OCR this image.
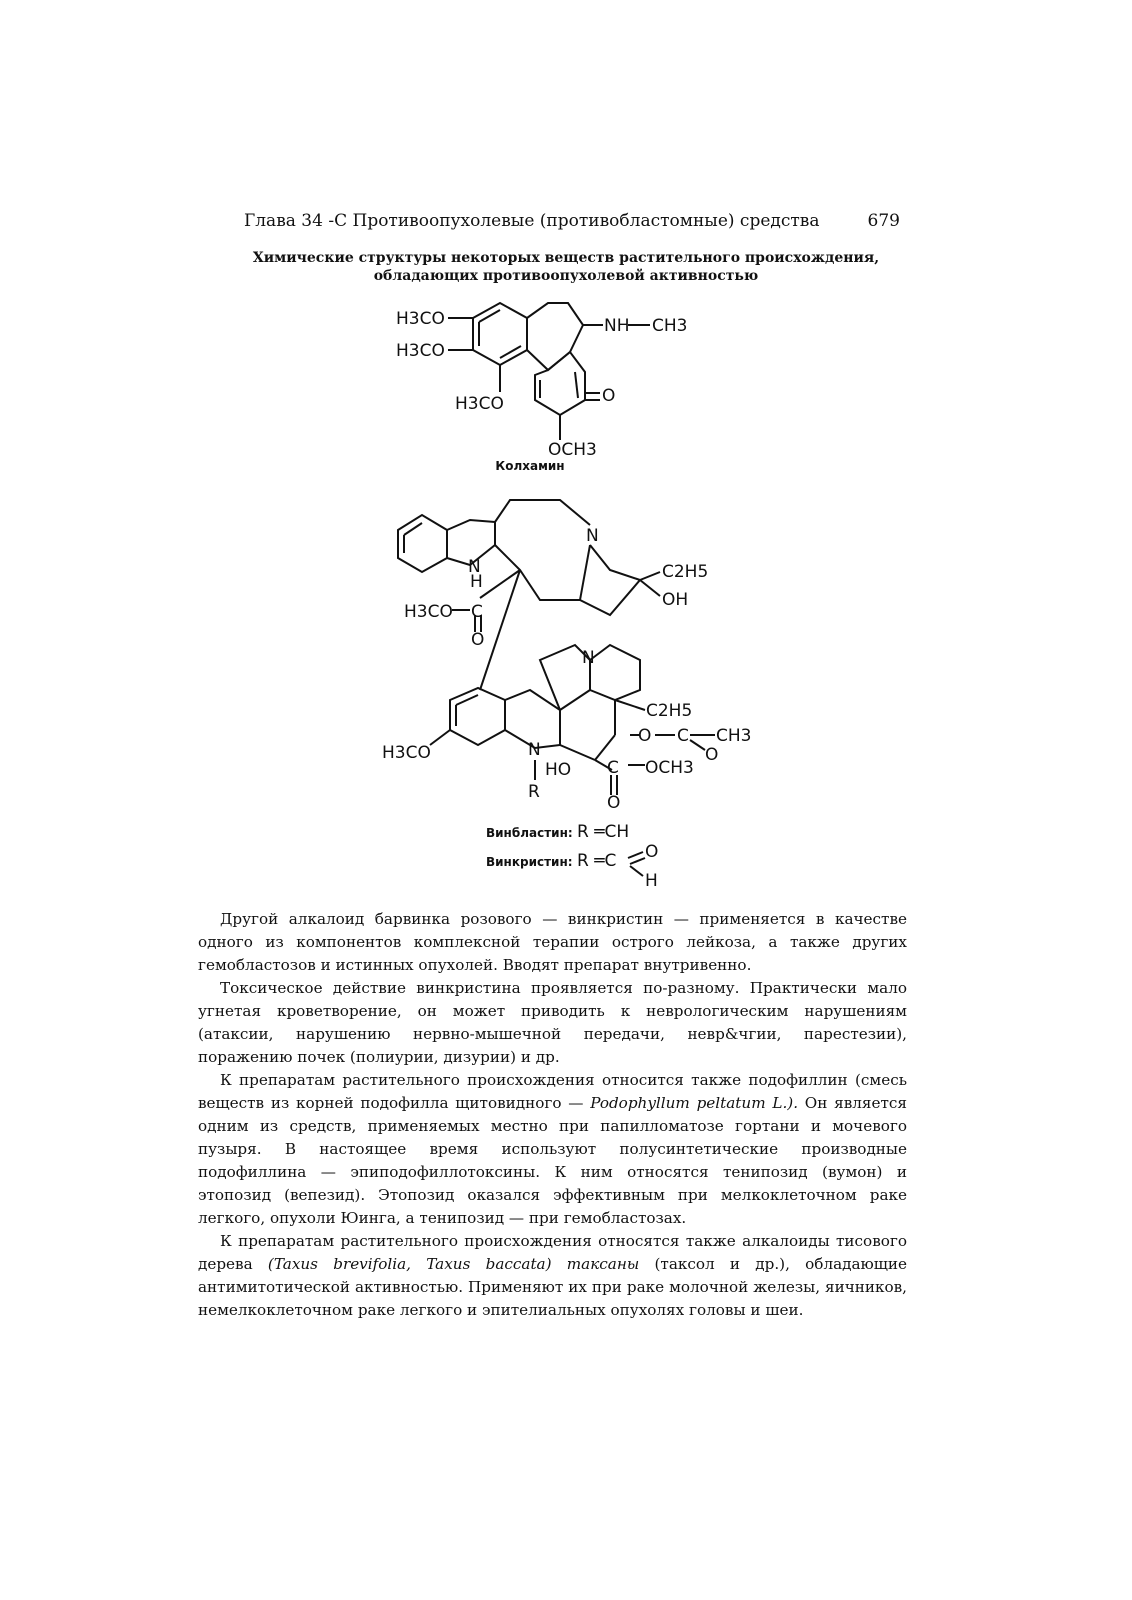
Глава 34 -С Противоопухолевые (противобластомные) средства	679
Химические структуры некоторых веществ растительного происхождения,
обладающих противоопухолевой активностью
H3CO
H3CO
H3CO
NH CH3
O
OCH3
Колхамин
N
N
H	C2H5
OH
H3CO C
O
N
C2H5
O C CH3
O
H3CO	N
HO C OCH3
O
R
Винбластин: R ═CH
Винкристин: R ═C O
H

Другой алкалоид барвинка розового — винкристин — применяется в качестве одного из компонентов комплексной терапии острого лейкоза, а также других гемобластозов и истинных опухолей. Вводят препарат внутривенно.

Токсическое действие винкристина проявляется по-разному. Практически мало угнетая кроветворение, он может приводить к неврологическим нарушениям (атаксии, нарушению нервно-мышечной передачи, невр&чгии, парестезии), поражению почек (полиурии, дизурии) и др.

К препаратам растительного происхождения относится также подофиллин (смесь веществ из корней подофилла щитовидного — Podophyllum peltatum L.). Он является одним из средств, применяемых местно при папилломатозе гортани и мочевого пузыря. В настоящее время используют полусинтетические производные подофиллина — эпиподофиллотоксины. К ним относятся тенипозид (вумон) и этопозид (вепезид). Этопозид оказался эффективным при мелкоклеточном раке легкого, опухоли Юинга, а тенипозид — при гемобластозах.

К препаратам растительного происхождения относятся также алкалоиды тисового дерева (Taxus brevifolia, Taxus baccata) таксаны (таксол и др.), обладающие антимитотической активностью. Применяют их при раке молочной железы, яичников, немелкоклеточном раке легкого и эпителиальных опухолях головы и шеи.
